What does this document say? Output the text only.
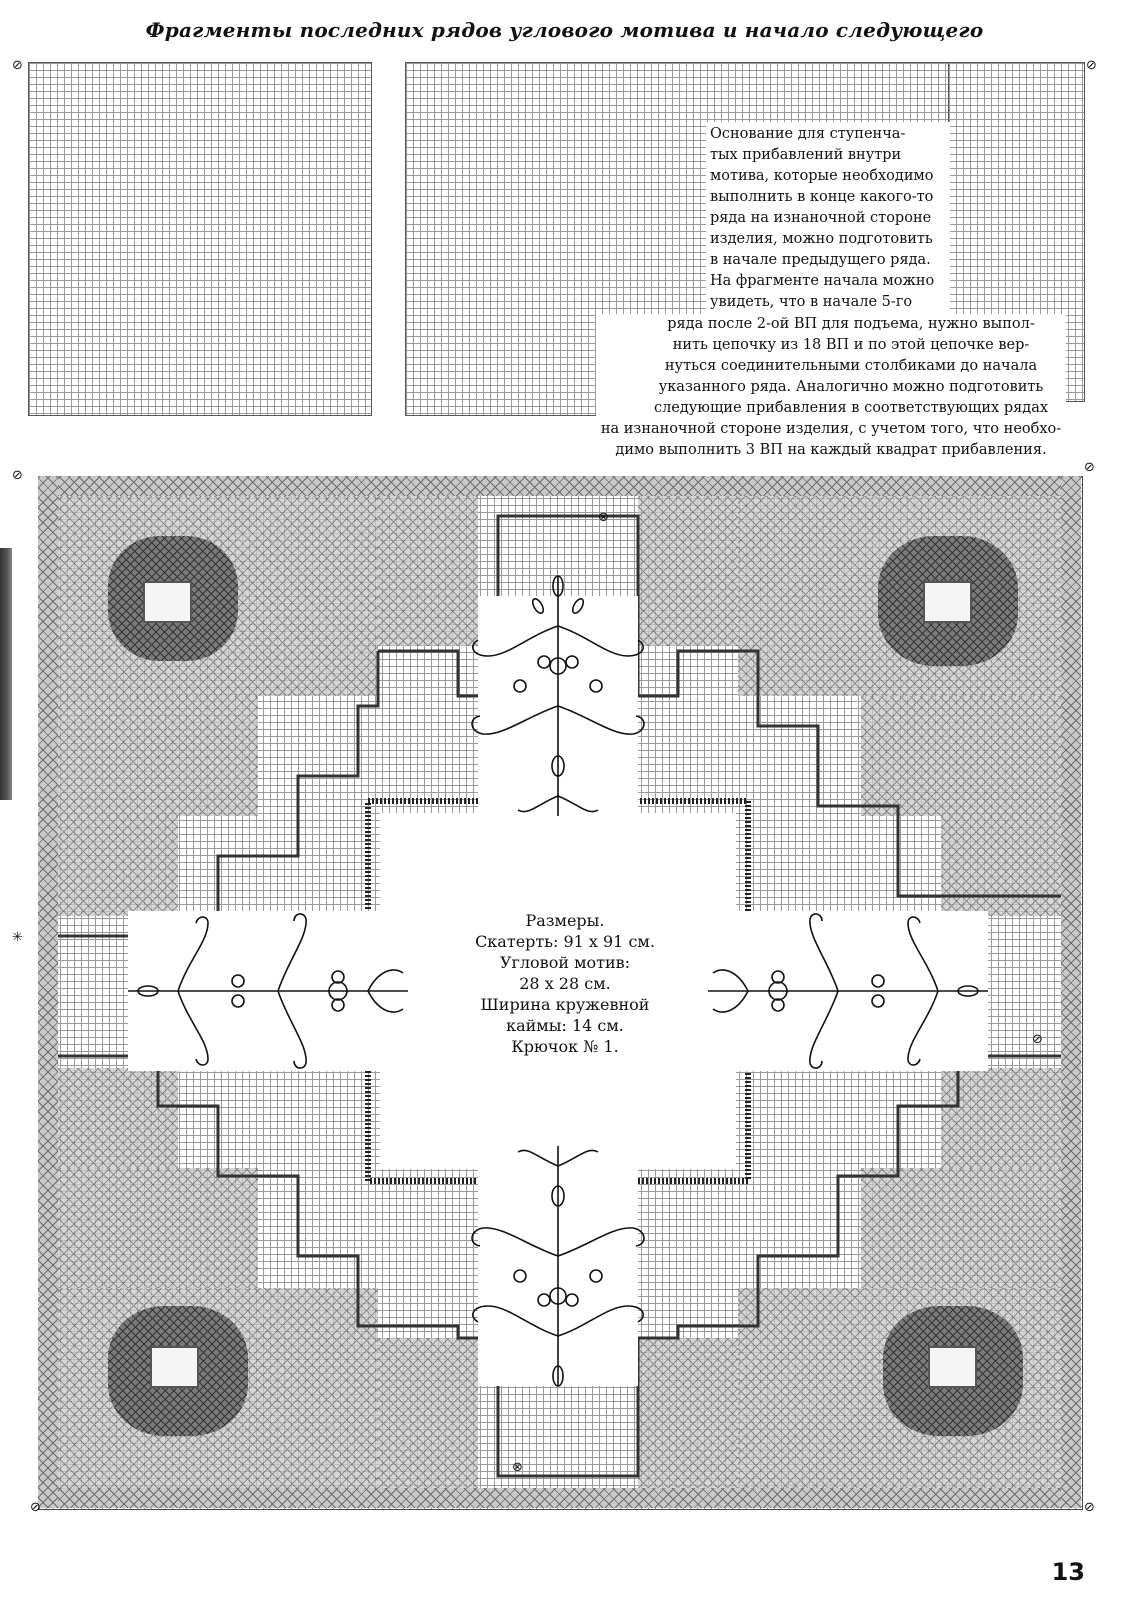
Фрагменты последних рядов углового мотива и начало следующего
⊘	⊘
Основание для ступенча-
тых прибавлений внутри
мотива, которые необходимо
выполнить в конце какого-то
ряда на изнаночной стороне
изделия, можно подготовить
в начале предыдущего ряда.
На фрагменте начала можно
увидеть, что в начале 5-го
ряда после 2-ой ВП для подъема, нужно выпол-
нить цепочку из 18 ВП и по этой цепочке вер-
нуться соединительными столбиками до начала
указанного ряда. Аналогично можно подготовить
следующие прибавления в соответствующих рядах
на изнаночной стороне изделия, с учетом того, что необхо-
димо выполнить 3 ВП на каждый квадрат прибавления.
⊘
⊘
⊗
✳
⊘
⊗
⊘	⊘
Размеры.
Скатерть: 91 х 91 см.
Угловой мотив:
28 х 28 см.
Ширина кружевной
каймы: 14 см.
Крючок № 1.
13
